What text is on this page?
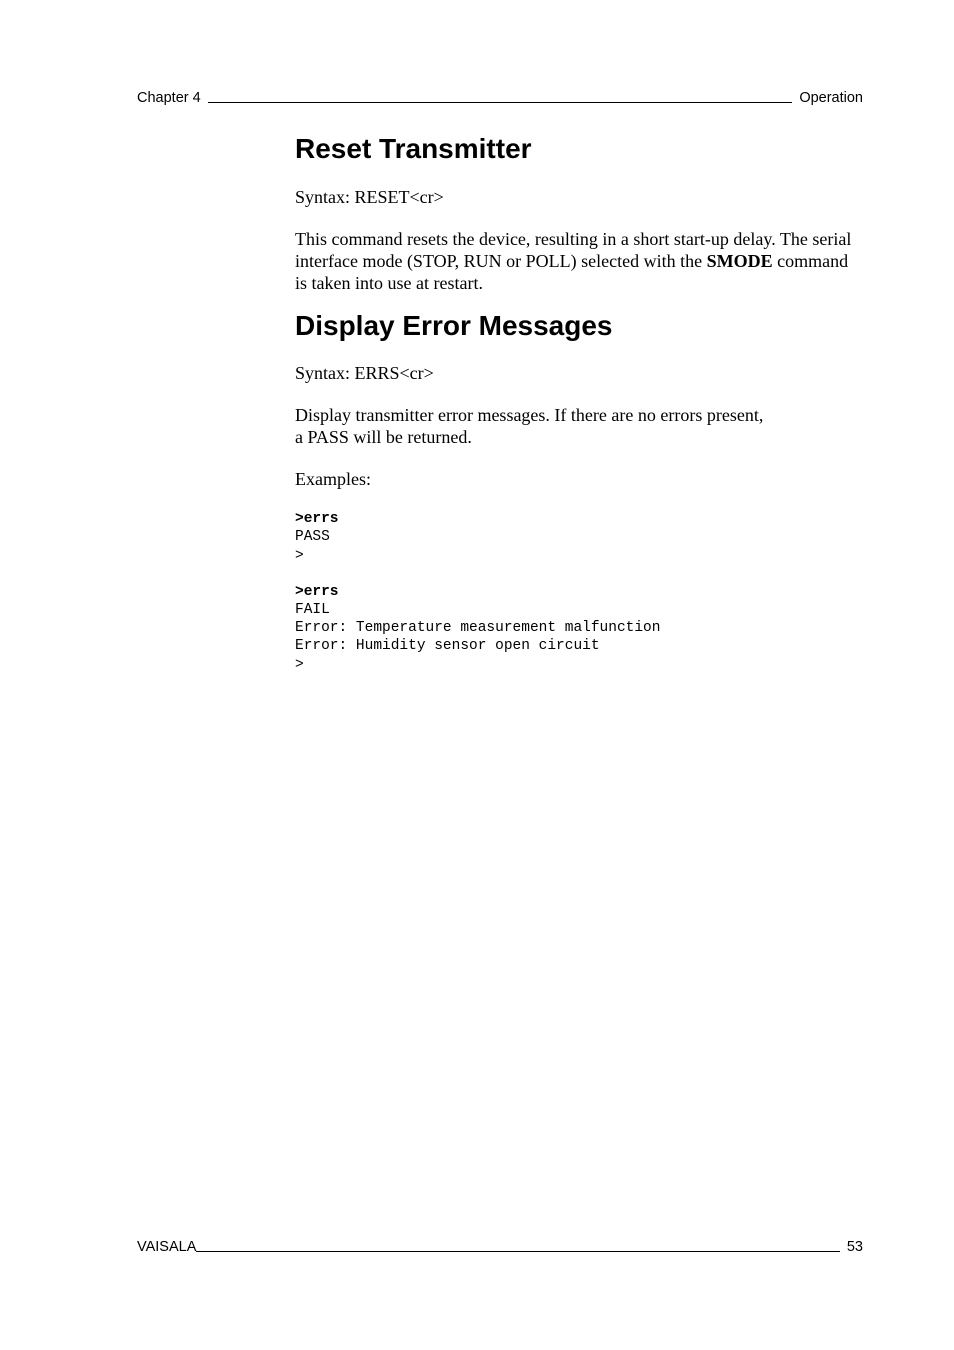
Chapter 4	Operation
Reset Transmitter

Syntax: RESET<cr>

This command resets the device, resulting in a short start-up delay. The serial interface mode (STOP, RUN or POLL) selected with the SMODE command is taken into use at restart.

Display Error Messages

Syntax: ERRS<cr>

Display transmitter error messages. If there are no errors present,
a PASS will be returned.

Examples:

>errs
PASS
>
>errs
FAIL
Error: Temperature measurement malfunction
Error: Humidity sensor open circuit
>
VAISALA	53
